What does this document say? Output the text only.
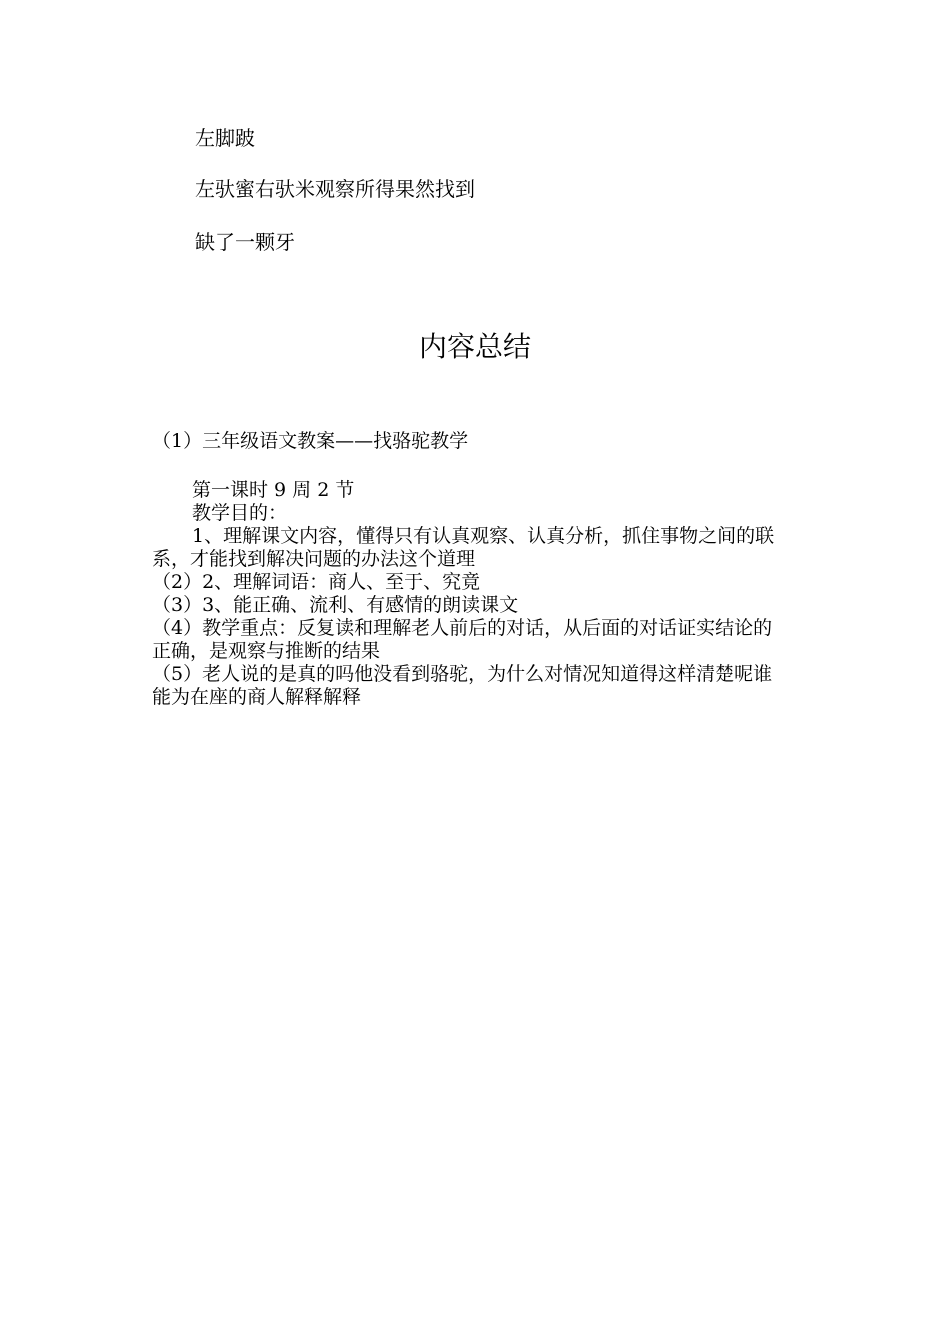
左脚跛
左驮蜜右驮米观察所得果然找到
缺了一颗牙
内容总结

（1）三年级语文教案——找骆驼教学

第一课时 9 周 2 节

教学目的：

1、理解课文内容，懂得只有认真观察、认真分析，抓住事物之间的联系，才能找到解决问题的办法这个道理

（2）2、理解词语：商人、至于、究竟

（3）3、能正确、流利、有感情的朗读课文

（4）教学重点：反复读和理解老人前后的对话，从后面的对话证实结论的正确，是观察与推断的结果

（5）老人说的是真的吗他没看到骆驼，为什么对情况知道得这样清楚呢谁能为在座的商人解释解释
